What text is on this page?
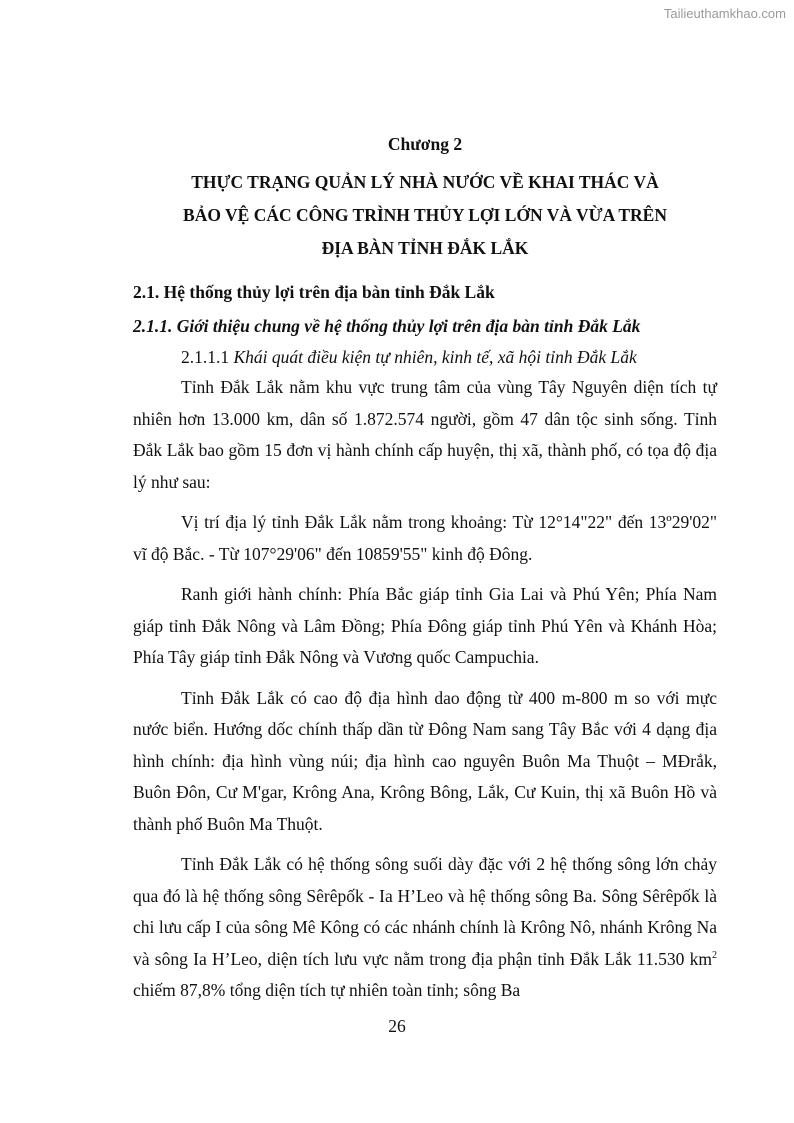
Tailieuthamkhao.com

Chương 2

THỰC TRẠNG QUẢN LÝ NHÀ NƯỚC VỀ KHAI THÁC VÀ
BẢO VỆ CÁC CÔNG TRÌNH THỦY LỢI LỚN VÀ VỪA TRÊN
ĐỊA BÀN TỈNH ĐẮK LẮK

2.1. Hệ thống thủy lợi trên địa bàn tỉnh Đắk Lắk

2.1.1. Giới thiệu chung về hệ thống thủy lợi trên địa bàn tỉnh Đắk Lắk

2.1.1.1 Khái quát điều kiện tự nhiên, kinh tế, xã hội tỉnh Đắk Lắk

Tỉnh Đắk Lắk nằm khu vực trung tâm của vùng Tây Nguyên diện tích tự nhiên hơn 13.000 km, dân số 1.872.574 người, gồm 47 dân tộc sinh sống. Tỉnh Đắk Lắk bao gồm 15 đơn vị hành chính cấp huyện, thị xã, thành phố, có tọa độ địa lý như sau:

Vị trí địa lý tỉnh Đắk Lắk nằm trong khoảng: Từ 12°14"22" đến 13º29'02" vĩ độ Bắc. - Từ 107°29'06" đến 10859'55" kinh độ Đông.

Ranh giới hành chính: Phía Bắc giáp tỉnh Gia Lai và Phú Yên; Phía Nam giáp tỉnh Đắk Nông và Lâm Đồng; Phía Đông giáp tỉnh Phú Yên và Khánh Hòa; Phía Tây giáp tỉnh Đắk Nông và Vương quốc Campuchia.

Tỉnh Đắk Lắk có cao độ địa hình dao động từ 400 m-800 m so với mực nước biển. Hướng dốc chính thấp dần từ Đông Nam sang Tây Bắc với 4 dạng địa hình chính: địa hình vùng núi; địa hình cao nguyên Buôn Ma Thuột – MĐrắk, Buôn Đôn, Cư M'gar, Krông Ana, Krông Bông, Lắk, Cư Kuin, thị xã Buôn Hồ và thành phố Buôn Ma Thuột.

Tỉnh Đắk Lắk có hệ thống sông suối dày đặc với 2 hệ thống sông lớn chảy qua đó là hệ thống sông Sêrêpốk - Ia H’Leo và hệ thống sông Ba. Sông Sêrêpốk là chi lưu cấp I của sông Mê Kông có các nhánh chính là Krông Nô, nhánh Krông Na và sông Ia H’Leo, diện tích lưu vực nằm trong địa phận tỉnh Đắk Lắk 11.530 $km^2$ chiếm 87,8% tổng diện tích tự nhiên toàn tỉnh; sông Ba

26
